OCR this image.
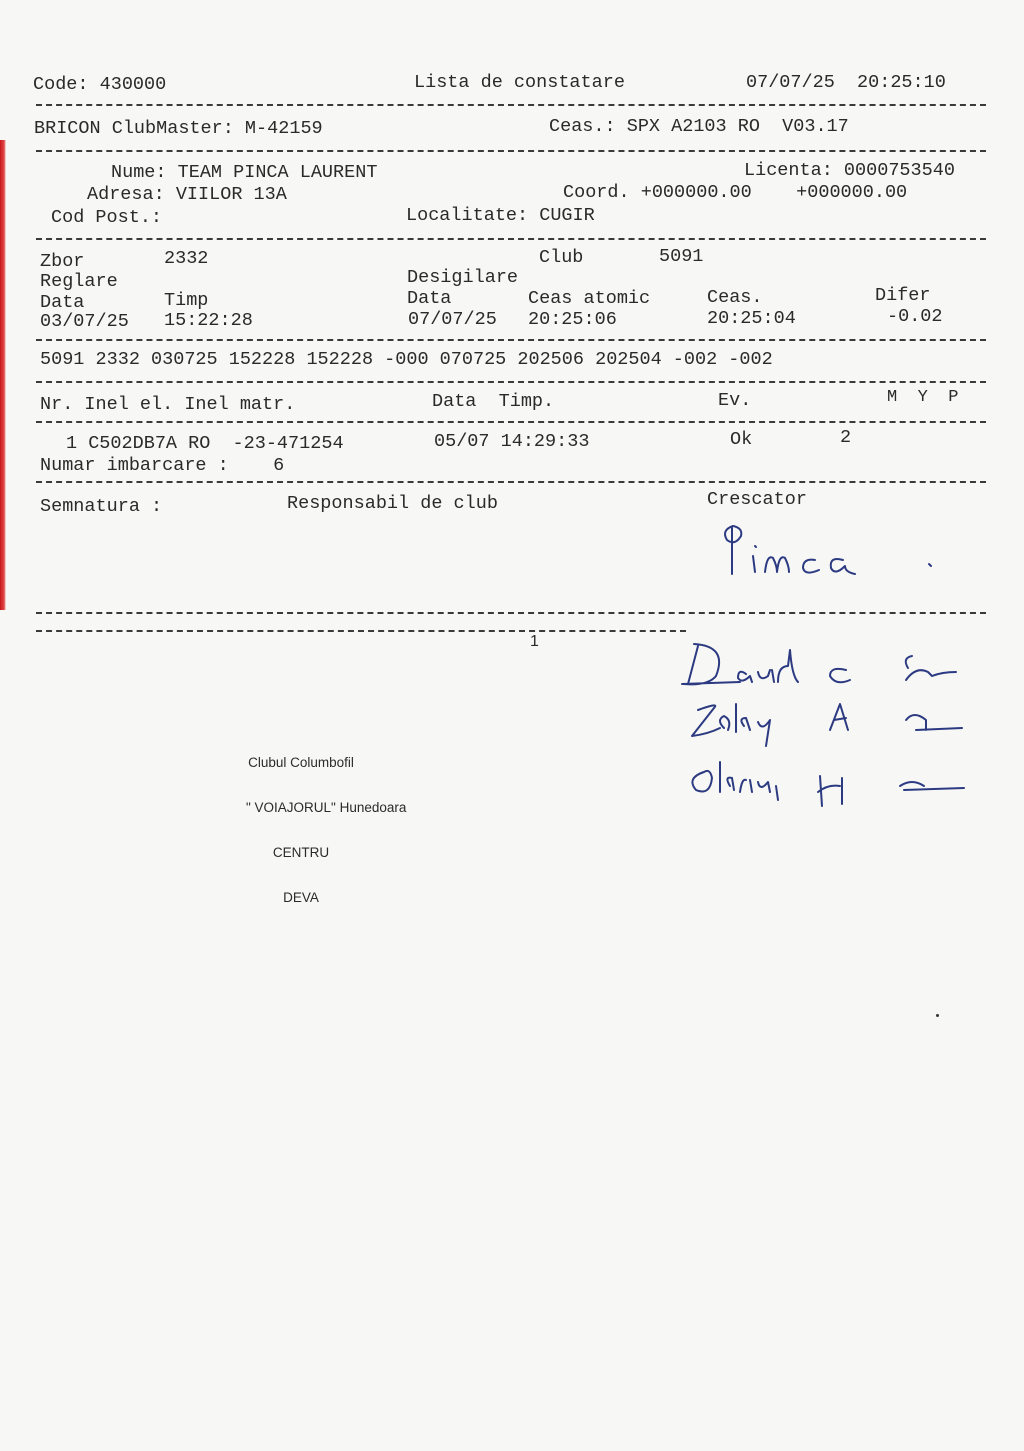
Code: 430000	Lista de constatare	07/07/25  20:25:10
BRICON ClubMaster: M-42159	Ceas.: SPX A2103 RO  V03.17
Nume: TEAM PINCA LAURENT	Licenta: 0000753540
Adresa: VIILOR 13A	Coord. +000000.00    +000000.00
Cod Post.:	Localitate: CUGIR
Zbor	2332	Club	5091
Reglare	Desigilare
Data	Timp	Data	Ceas atomic	Ceas.	Difer
03/07/25 15:22:28	07/07/25 20:25:06	20:25:04	-0.02
5091 2332 030725 152228 152228 -000 070725 202506 202504 -002 -002
Nr. Inel el. Inel matr.	Data  Timp.	Ev.	M  Y  P
1 C502DB7A RO  -23-471254	05/07 14:29:33	Ok	2
Numar imbarcare :    6
Semnatura :	Responsabil de club	Crescator
1

Clubul Columbofil

" VOIAJORUL" Hunedoara

CENTRU

DEVA
